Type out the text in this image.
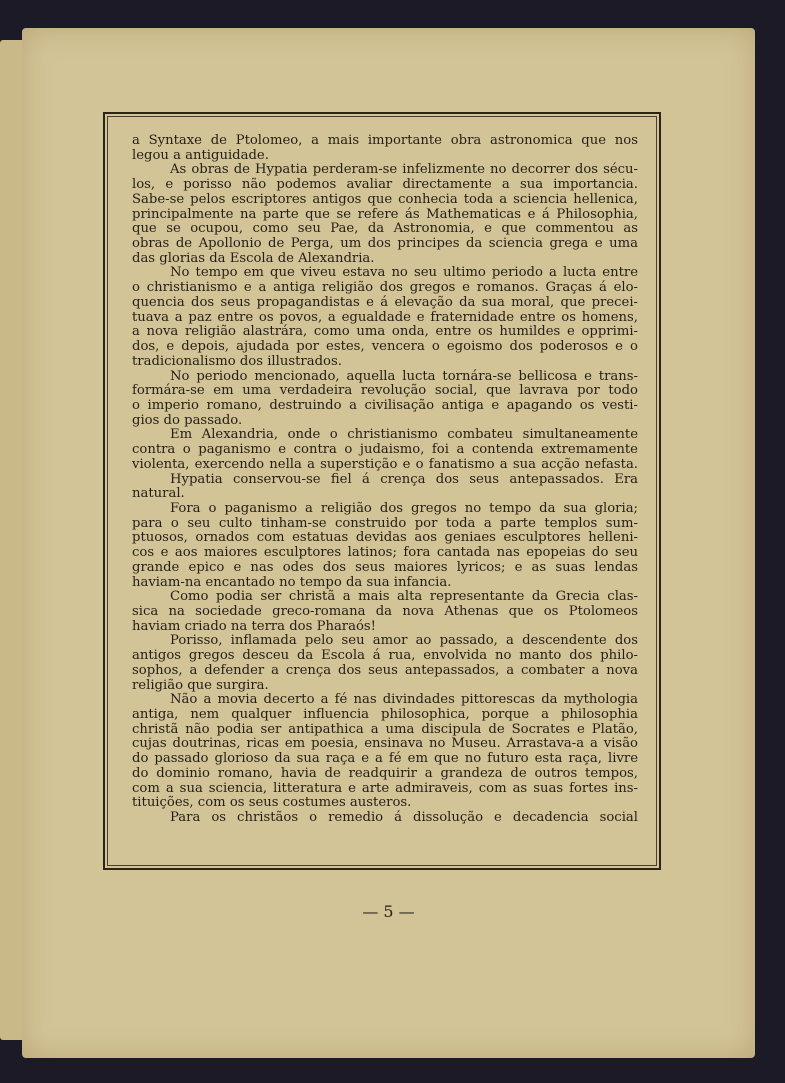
a Syntaxe de Ptolomeo, a mais importante obra astronomica que nos
legou a antiguidade.
As obras de Hypatia perderam-se infelizmente no decorrer dos sécu-
los, e porisso não podemos avaliar directamente a sua importancia.
Sabe-se pelos escriptores antigos que conhecia toda a sciencia hellenica,
principalmente na parte que se refere ás Mathematicas e á Philosophia,
que se ocupou, como seu Pae, da Astronomia, e que commentou as
obras de Apollonio de Perga, um dos principes da sciencia grega e uma
das glorias da Escola de Alexandria.
No tempo em que viveu estava no seu ultimo periodo a lucta entre
o christianismo e a antiga religião dos gregos e romanos. Graças á elo-
quencia dos seus propagandistas e á elevação da sua moral, que precei-
tuava a paz entre os povos, a egualdade e fraternidade entre os homens,
a nova religião alastrára, como uma onda, entre os humildes e opprimi-
dos, e depois, ajudada por estes, vencera o egoismo dos poderosos e o
tradicionalismo dos illustrados.
No periodo mencionado, aquella lucta tornára-se bellicosa e trans-
formára-se em uma verdadeira revolução social, que lavrava por todo
o imperio romano, destruindo a civilisação antiga e apagando os vesti-
gios do passado.
Em Alexandria, onde o christianismo combateu simultaneamente
contra o paganismo e contra o judaismo, foi a contenda extremamente
violenta, exercendo nella a superstição e o fanatismo a sua acção nefasta.
Hypatia conservou-se fiel á crença dos seus antepassados. Era
natural.
Fora o paganismo a religião dos gregos no tempo da sua gloria;
para o seu culto tinham-se construido por toda a parte templos sum-
ptuosos, ornados com estatuas devidas aos geniaes esculptores helleni-
cos e aos maiores esculptores latinos; fora cantada nas epopeias do seu
grande epico e nas odes dos seus maiores lyricos; e as suas lendas
haviam-na encantado no tempo da sua infancia.
Como podia ser christã a mais alta representante da Grecia clas-
sica na sociedade greco-romana da nova Athenas que os Ptolomeos
haviam criado na terra dos Pharaós!
Porisso, inflamada pelo seu amor ao passado, a descendente dos
antigos gregos desceu da Escola á rua, envolvida no manto dos philo-
sophos, a defender a crença dos seus antepassados, a combater a nova
religião que surgira.
Não a movia decerto a fé nas divindades pittorescas da mythologia
antiga, nem qualquer influencia philosophica, porque a philosophia
christã não podia ser antipathica a uma discipula de Socrates e Platão,
cujas doutrinas, ricas em poesia, ensinava no Museu. Arrastava-a a visão
do passado glorioso da sua raça e a fé em que no futuro esta raça, livre
do dominio romano, havia de readquirir a grandeza de outros tempos,
com a sua sciencia, litteratura e arte admiraveis, com as suas fortes ins-
tituições, com os seus costumes austeros.
Para os christãos o remedio á dissolução e decadencia social
— 5 —
